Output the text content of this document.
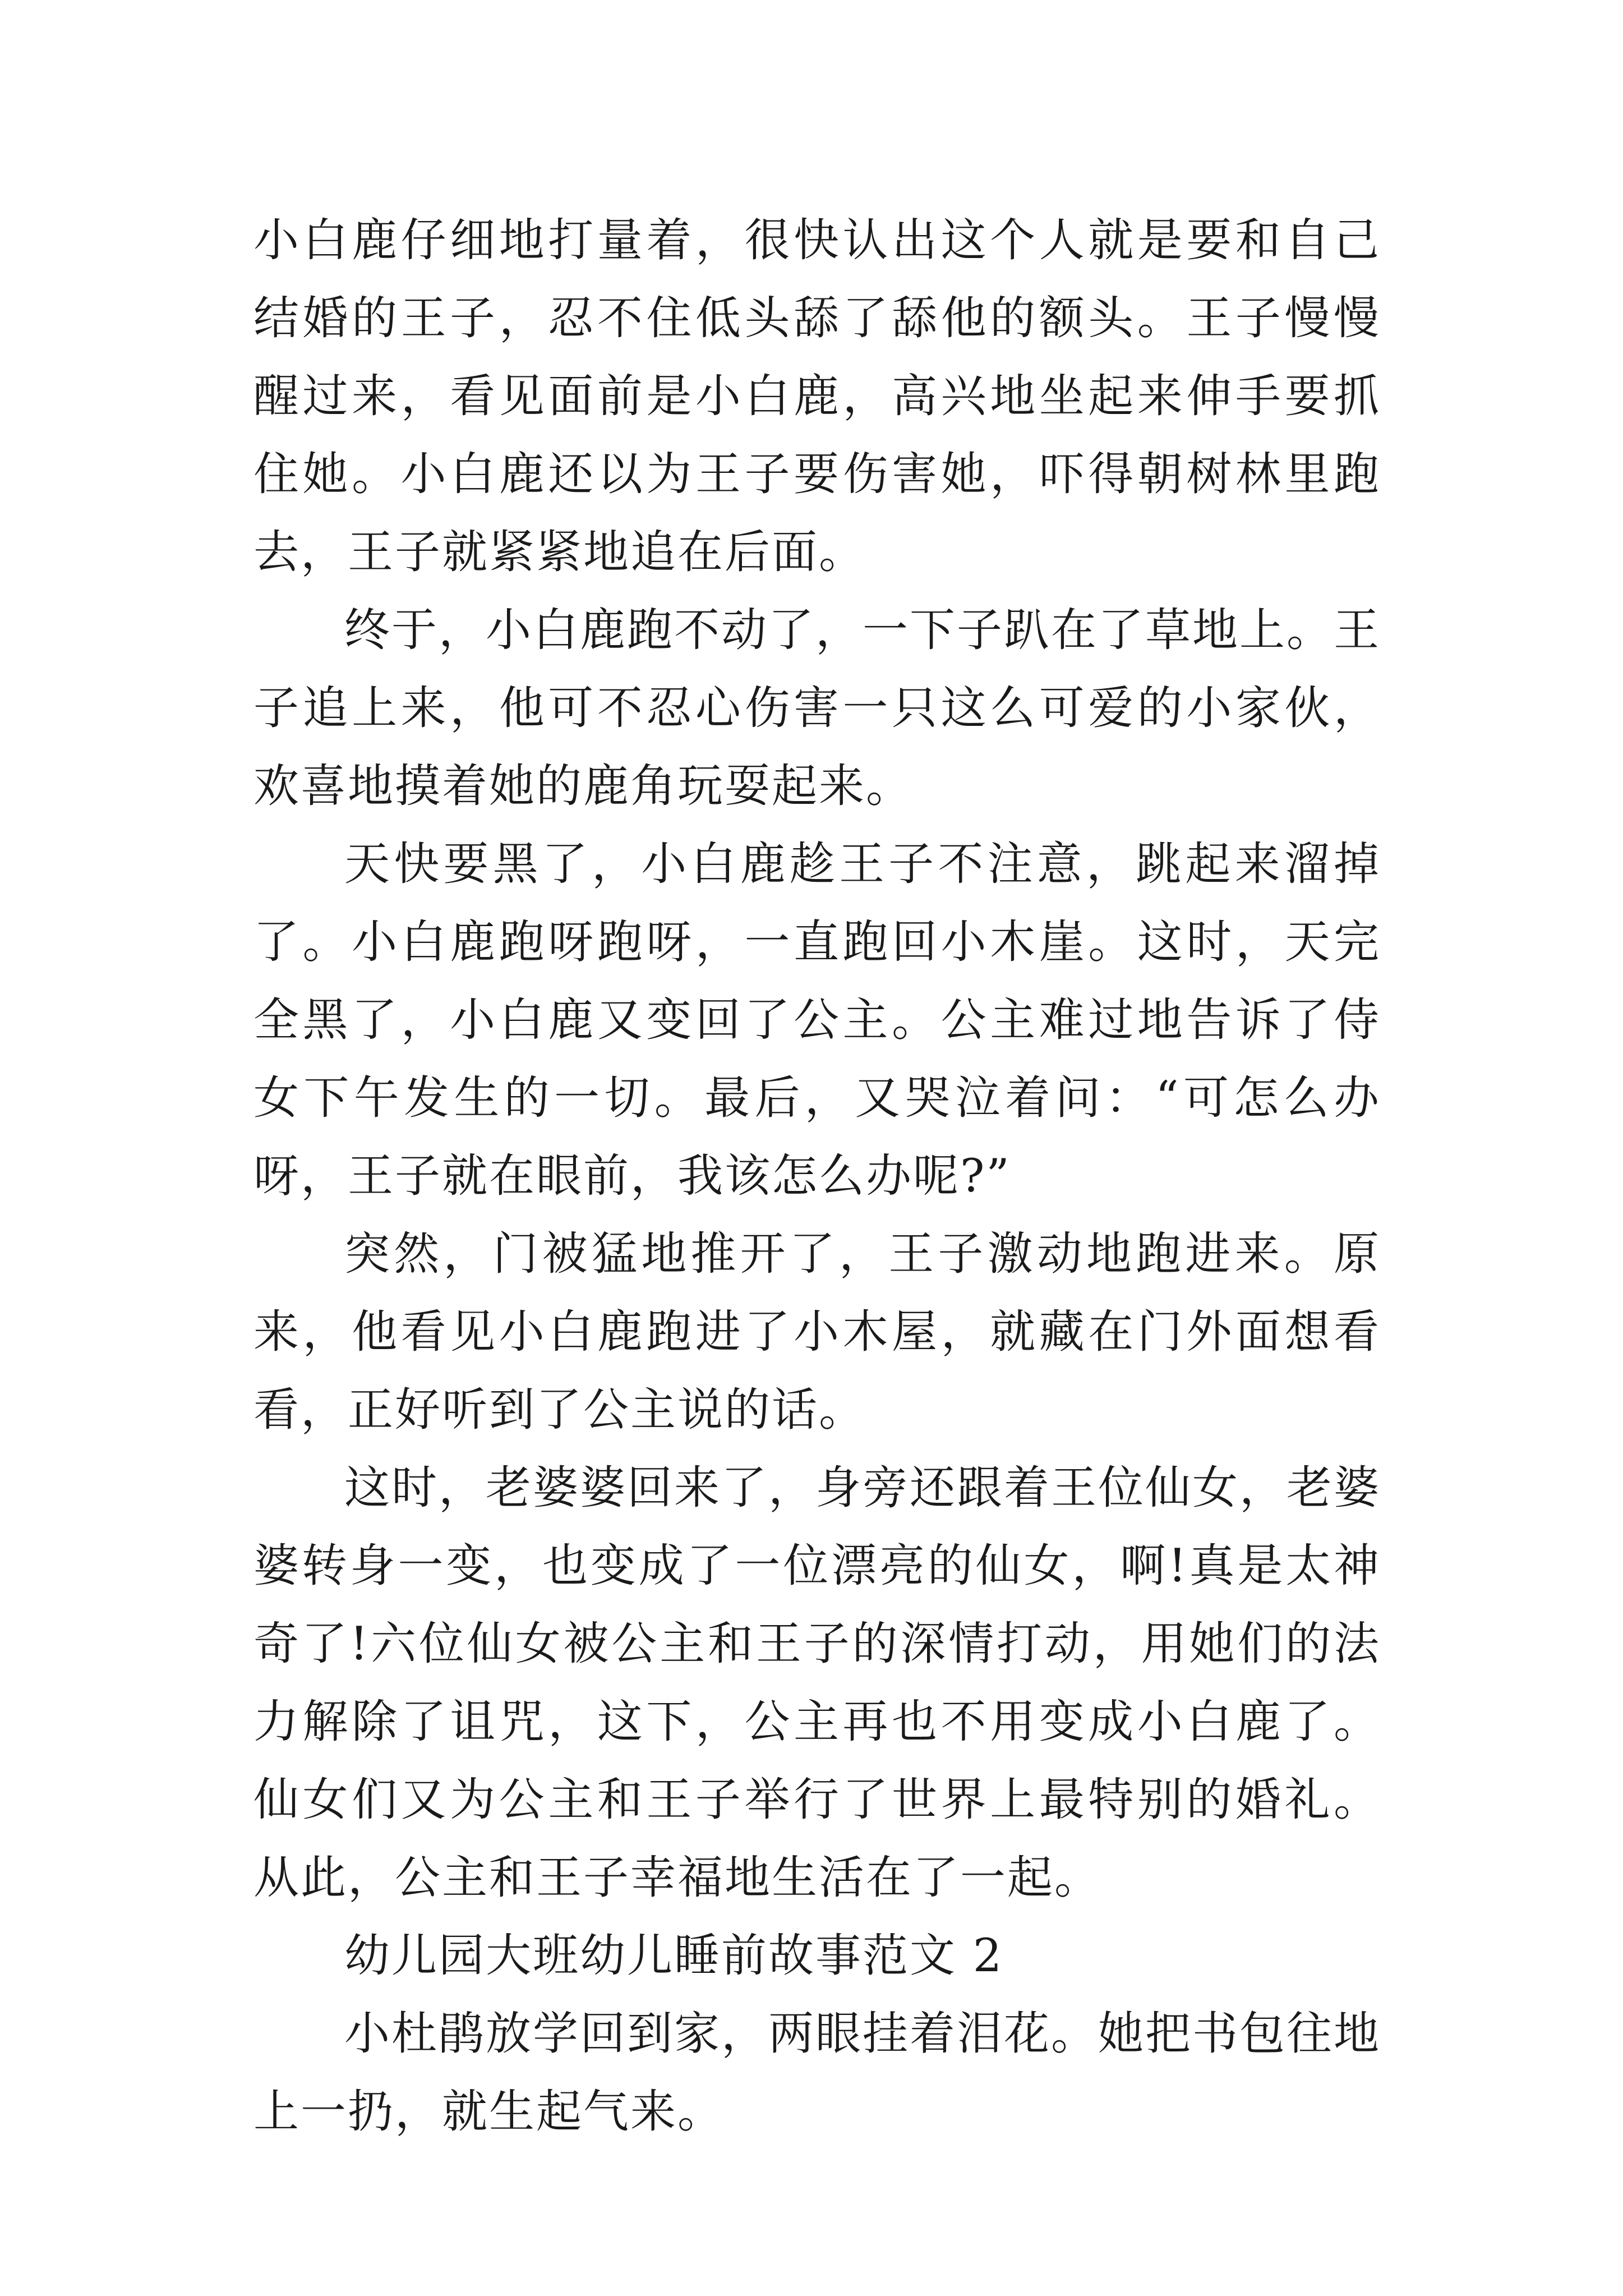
小白鹿仔细地打量着，很快认出这个人就是要和自己结婚的王子，忍不住低头舔了舔他的额头。王子慢慢醒过来，看见面前是小白鹿，高兴地坐起来伸手要抓住她。小白鹿还以为王子要伤害她，吓得朝树林里跑去，王子就紧紧地追在后面。

终于，小白鹿跑不动了，一下子趴在了草地上。王子追上来，他可不忍心伤害一只这么可爱的小家伙，欢喜地摸着她的鹿角玩耍起来。

天快要黑了，小白鹿趁王子不注意，跳起来溜掉了。小白鹿跑呀跑呀，一直跑回小木崖。这时，天完全黑了，小白鹿又变回了公主。公主难过地告诉了侍女下午发生的一切。最后，又哭泣着问：“可怎么办呀，王子就在眼前，我该怎么办呢?”

突然，门被猛地推开了，王子激动地跑进来。原来，他看见小白鹿跑进了小木屋，就藏在门外面想看看，正好听到了公主说的话。

这时，老婆婆回来了，身旁还跟着王位仙女，老婆婆转身一变，也变成了一位漂亮的仙女，啊!真是太神奇了!六位仙女被公主和王子的深情打动，用她们的法力解除了诅咒，这下，公主再也不用变成小白鹿了。仙女们又为公主和王子举行了世界上最特别的婚礼。从此，公主和王子幸福地生活在了一起。

幼儿园大班幼儿睡前故事范文 2

小杜鹃放学回到家，两眼挂着泪花。她把书包往地上一扔，就生起气来。
